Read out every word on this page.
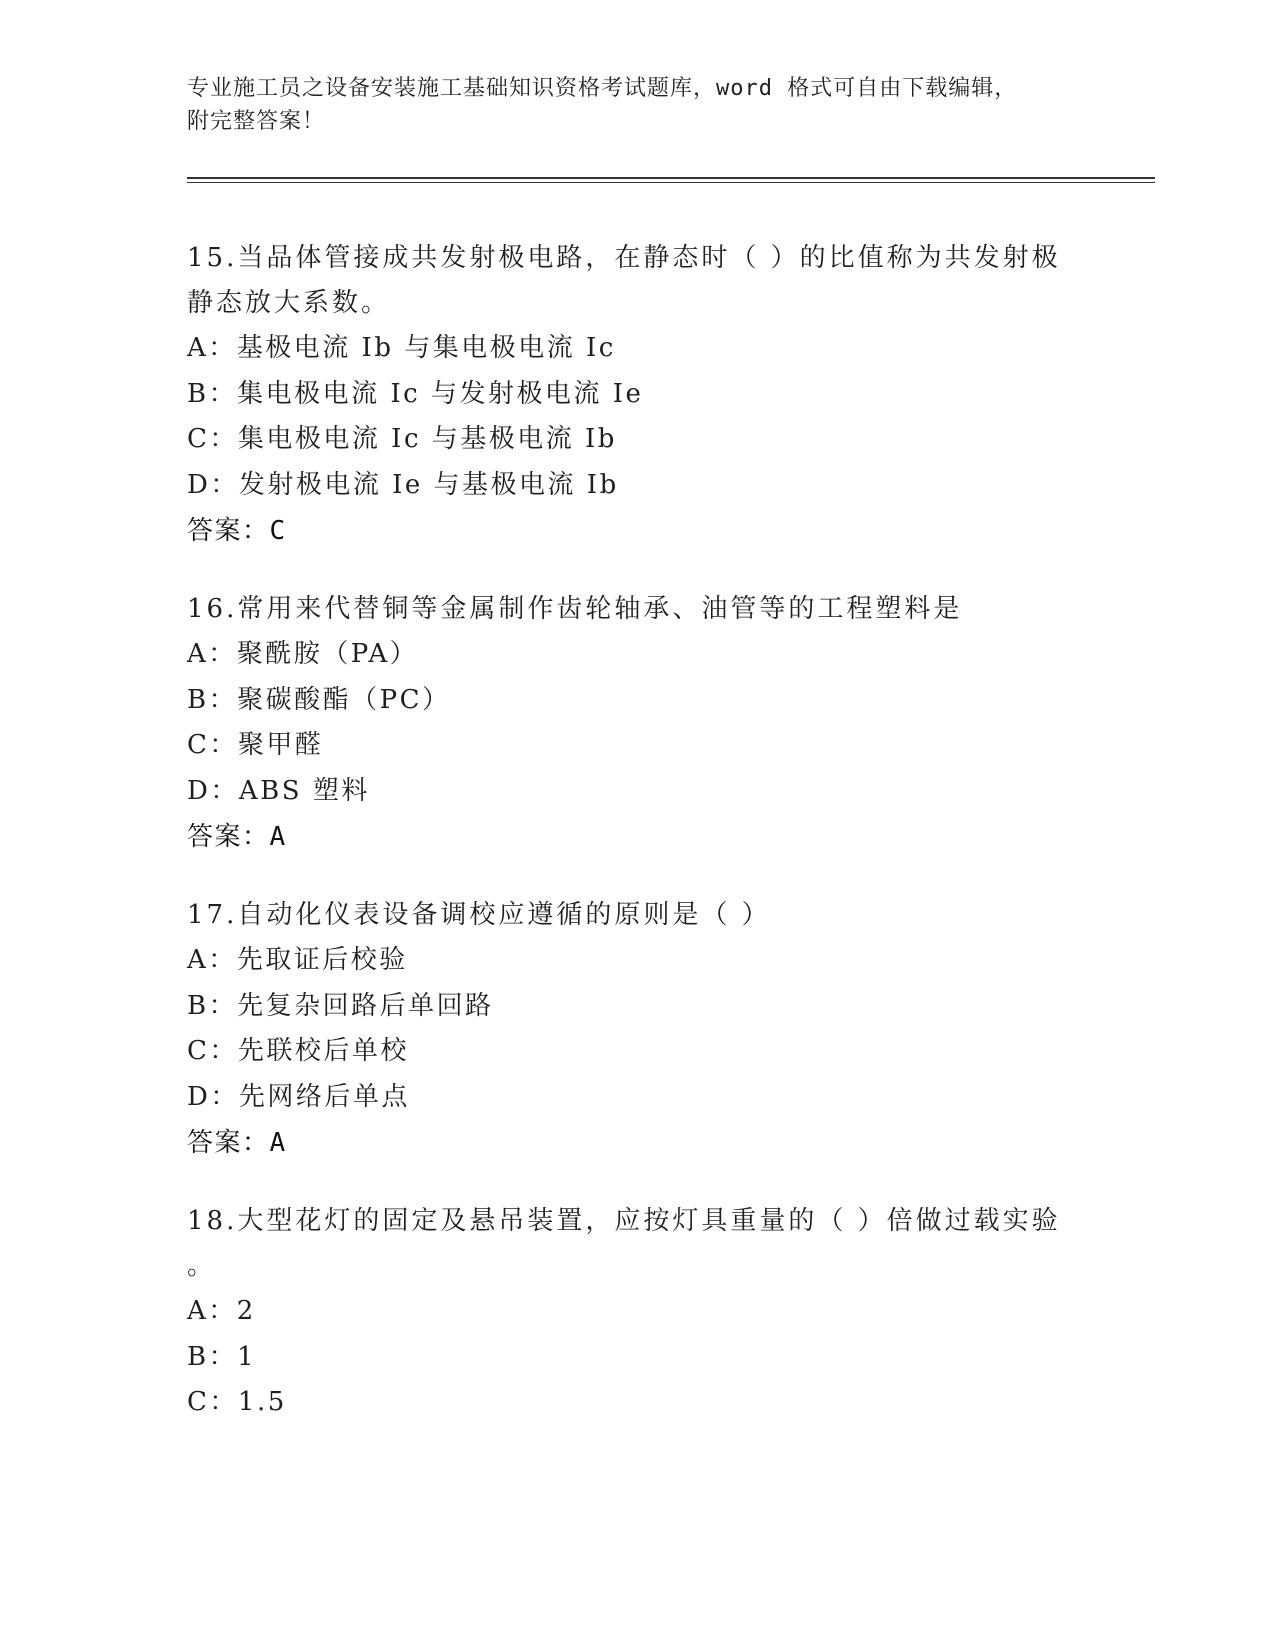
专业施工员之设备安装施工基础知识资格考试题库，word 格式可自由下载编辑，
附完整答案！

15.当品体管接成共发射极电路，在静态时（ ）的比值称为共发射极

静态放大系数。

A： 基极电流 Ib 与集电极电流 Ic

B： 集电极电流 Ic 与发射极电流 Ie

C： 集电极电流 Ic 与基极电流 Ib

D： 发射极电流 Ie 与基极电流 Ib

答案：C

16.常用来代替铜等金属制作齿轮轴承、油管等的工程塑料是

A： 聚酰胺（PA）

B： 聚碳酸酯（PC）

C： 聚甲醛

D： ABS 塑料

答案：A

17.自动化仪表设备调校应遵循的原则是（ ）

A： 先取证后校验

B： 先复杂回路后单回路

C： 先联校后单校

D： 先网络后单点

答案：A

18.大型花灯的固定及悬吊装置，应按灯具重量的（ ）倍做过载实验

。

A： 2

B： 1

C： 1.5
